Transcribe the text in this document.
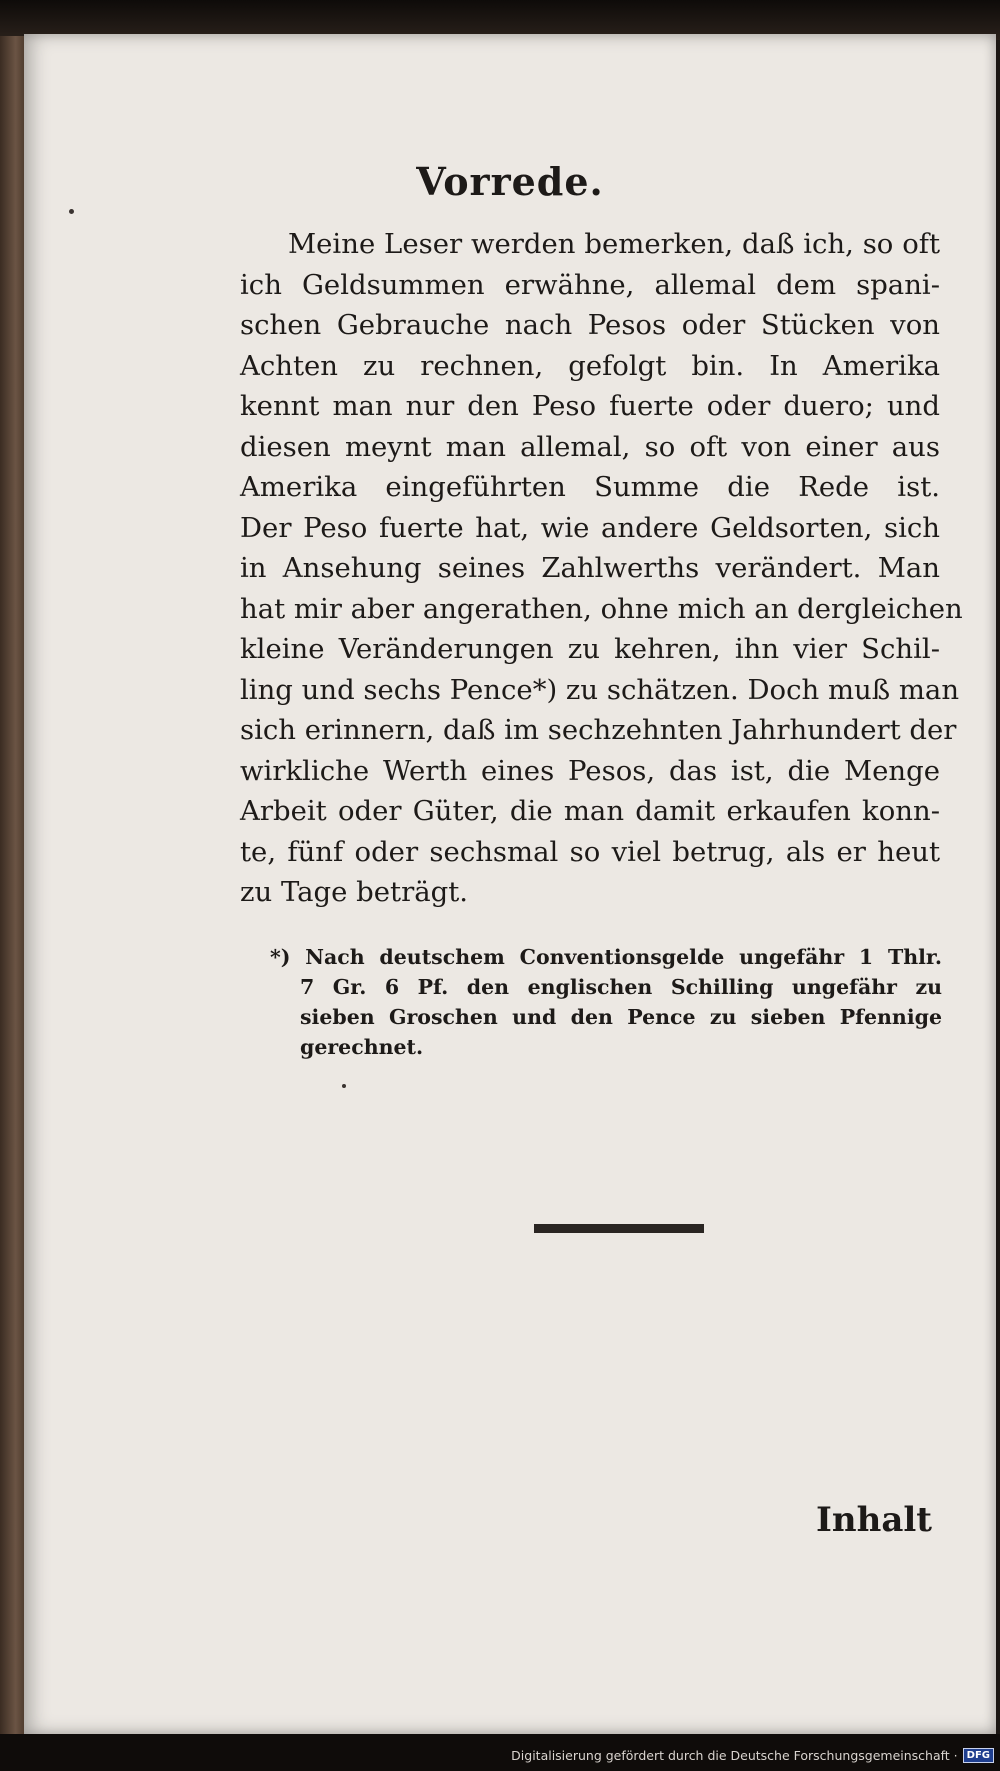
Vorrede.
Meine Leser werden bemerken, daß ich, so oft
ich Geldsummen erwähne, allemal dem spani-
schen Gebrauche nach Pesos oder Stücken von
Achten zu rechnen, gefolgt bin. In Amerika
kennt man nur den Peso fuerte oder duero; und
diesen meynt man allemal, so oft von einer aus
Amerika eingeführten Summe die Rede ist.
Der Peso fuerte hat, wie andere Geldsorten, sich
in Ansehung seines Zahlwerths verändert. Man
hat mir aber angerathen, ohne mich an dergleichen
kleine Veränderungen zu kehren, ihn vier Schil-
ling und sechs Pence*) zu schätzen. Doch muß man
sich erinnern, daß im sechzehnten Jahrhundert der
wirkliche Werth eines Pesos, das ist, die Menge
Arbeit oder Güter, die man damit erkaufen konn-
te, fünf oder sechsmal so viel betrug, als er heut
zu Tage beträgt.
*) Nach deutschem Conventionsgelde ungefähr 1 Thlr.
7 Gr. 6 Pf. den englischen Schilling ungefähr zu
sieben Groschen und den Pence zu sieben Pfennige
gerechnet.
Inhalt
Digitalisierung gefördert durch die Deutsche Forschungsgemeinschaft · DFG
